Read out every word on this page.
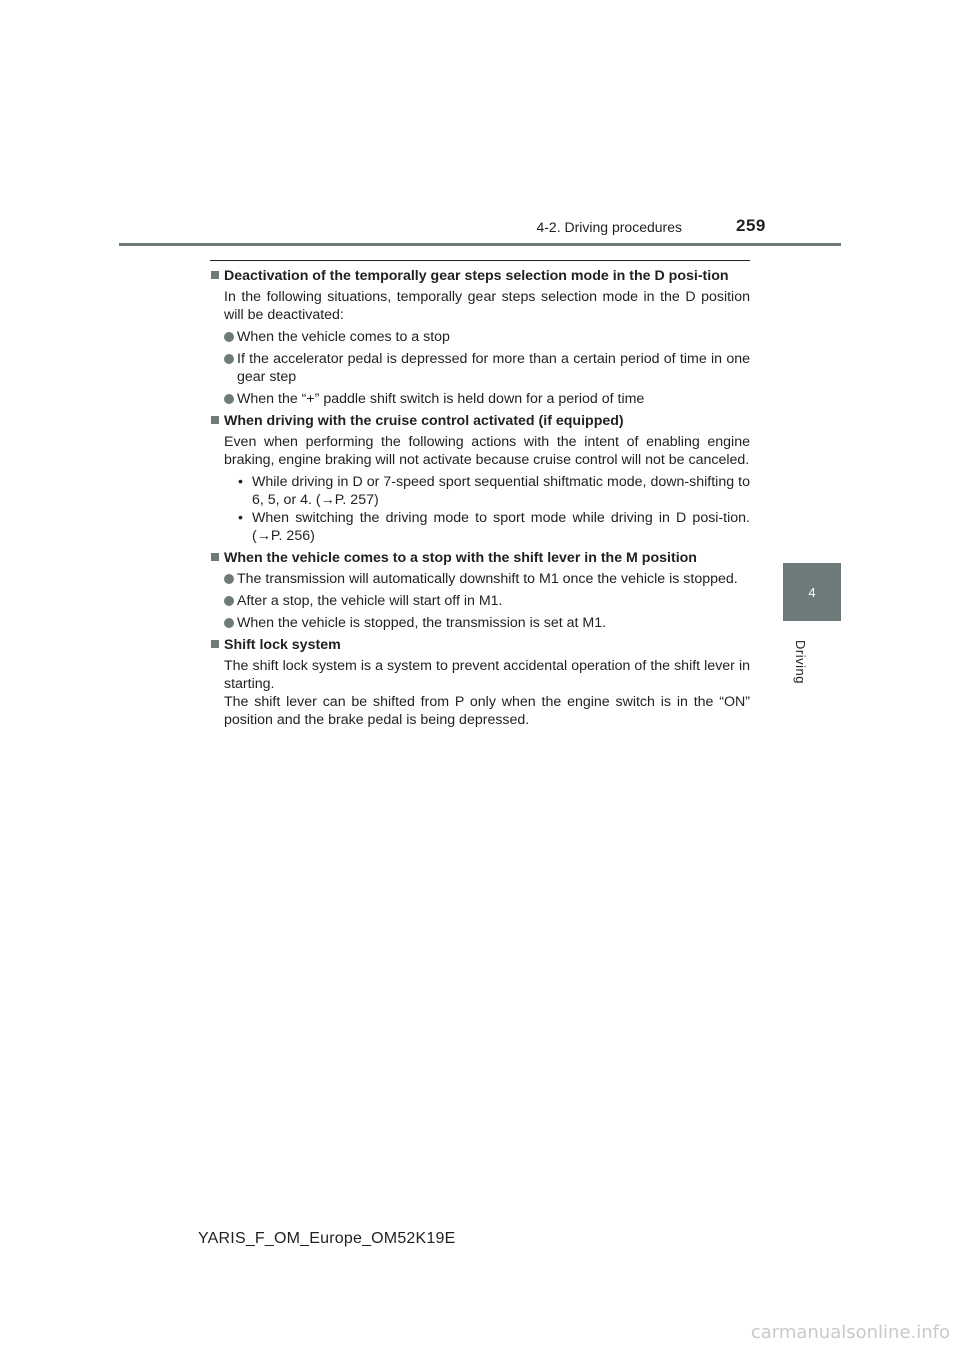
4-2. Driving procedures	259
4
Driving
Deactivation of the temporally gear steps selection mode in the D posi-tion
In the following situations, temporally gear steps selection mode in the D position will be deactivated:
When the vehicle comes to a stop
If the accelerator pedal is depressed for more than a certain period of time in one gear step
When the “+” paddle shift switch is held down for a period of time
When driving with the cruise control activated (if equipped)
Even when performing the following actions with the intent of enabling engine braking, engine braking will not activate because cruise control will not be canceled.
• While driving in D or 7-speed sport sequential shiftmatic mode, down-shifting to 6, 5, or 4. (→P. 257)
• When switching the driving mode to sport mode while driving in D posi-tion. (→P. 256)
When the vehicle comes to a stop with the shift lever in the M position
The transmission will automatically downshift to M1 once the vehicle is stopped.
After a stop, the vehicle will start off in M1.
When the vehicle is stopped, the transmission is set at M1.
Shift lock system
The shift lock system is a system to prevent accidental operation of the shift lever in starting.
The shift lever can be shifted from P only when the engine switch is in the “ON” position and the brake pedal is being depressed.
YARIS_F_OM_Europe_OM52K19E
carmanualsonline.info
